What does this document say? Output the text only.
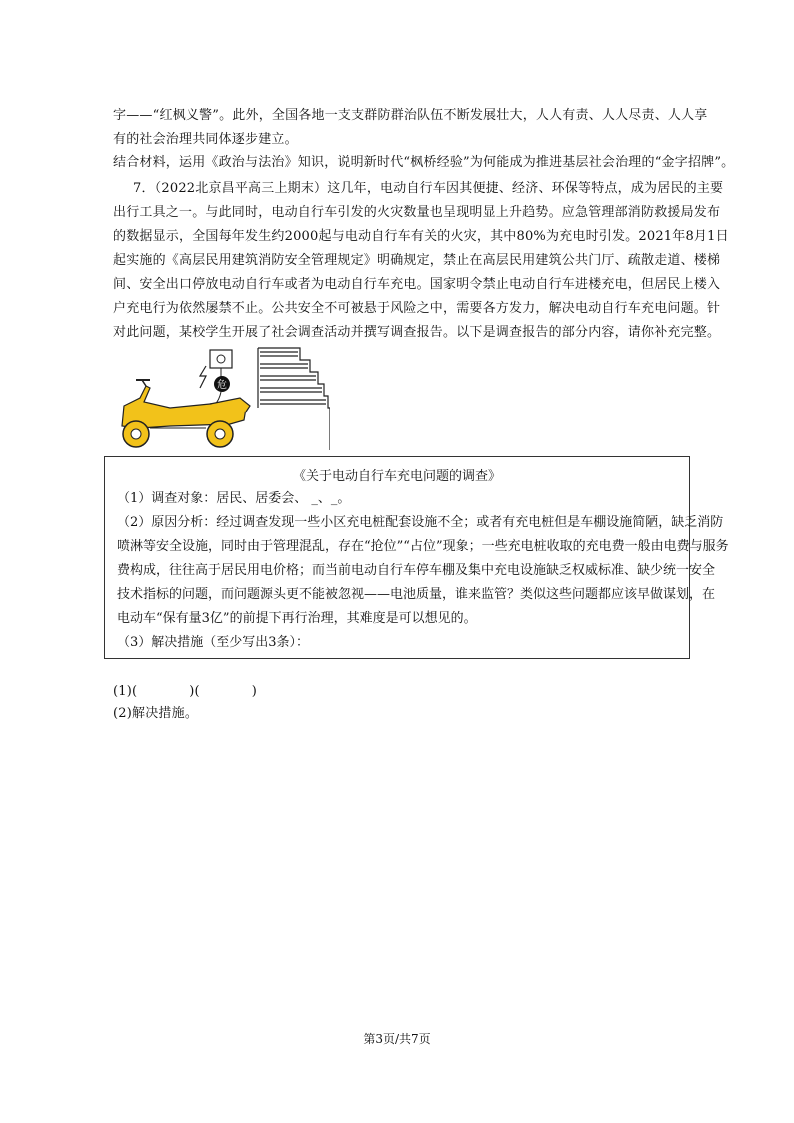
字——“红枫义警”。此外，全国各地一支支群防群治队伍不断发展壮大，人人有责、人人尽责、人人享
有的社会治理共同体逐步建立。
结合材料，运用《政治与法治》知识，说明新时代“枫桥经验”为何能成为推进基层社会治理的“金字招牌”。
7．（2022北京昌平高三上期末）这几年，电动自行车因其便捷、经济、环保等特点，成为居民的主要
出行工具之一。与此同时，电动自行车引发的火灾数量也呈现明显上升趋势。应急管理部消防救援局发布
的数据显示，全国每年发生约2000起与电动自行车有关的火灾，其中80%为充电时引发。2021年8月1日
起实施的《高层民用建筑消防安全管理规定》明确规定，禁止在高层民用建筑公共门厅、疏散走道、楼梯
间、安全出口停放电动自行车或者为电动自行车充电。国家明令禁止电动自行车进楼充电，但居民上楼入
户充电行为依然屡禁不止。公共安全不可被悬于风险之中，需要各方发力，解决电动自行车充电问题。针
对此问题，某校学生开展了社会调查活动并撰写调查报告。以下是调查报告的部分内容，请你补充完整。
危
《关于电动自行车充电问题的调查》
（1）调查对象：居民、居委会、 _、_。
（2）原因分析：经过调查发现一些小区充电桩配套设施不全；或者有充电桩但是车棚设施简陋，缺乏消防
喷淋等安全设施，同时由于管理混乱，存在“抢位”“占位”现象；一些充电桩收取的充电费一般由电费与服务
费构成，往往高于居民用电价格；而当前电动自行车停车棚及集中充电设施缺乏权威标准、缺少统一安全
技术指标的问题，而问题源头更不能被忽视——电池质量，谁来监管？类似这些问题都应该早做谋划，在
电动车“保有量3亿”的前提下再行治理，其难度是可以想见的。
（3）解决措施（至少写出3条）：
(1)(            )(            )
(2)解决措施。
第3页/共7页
